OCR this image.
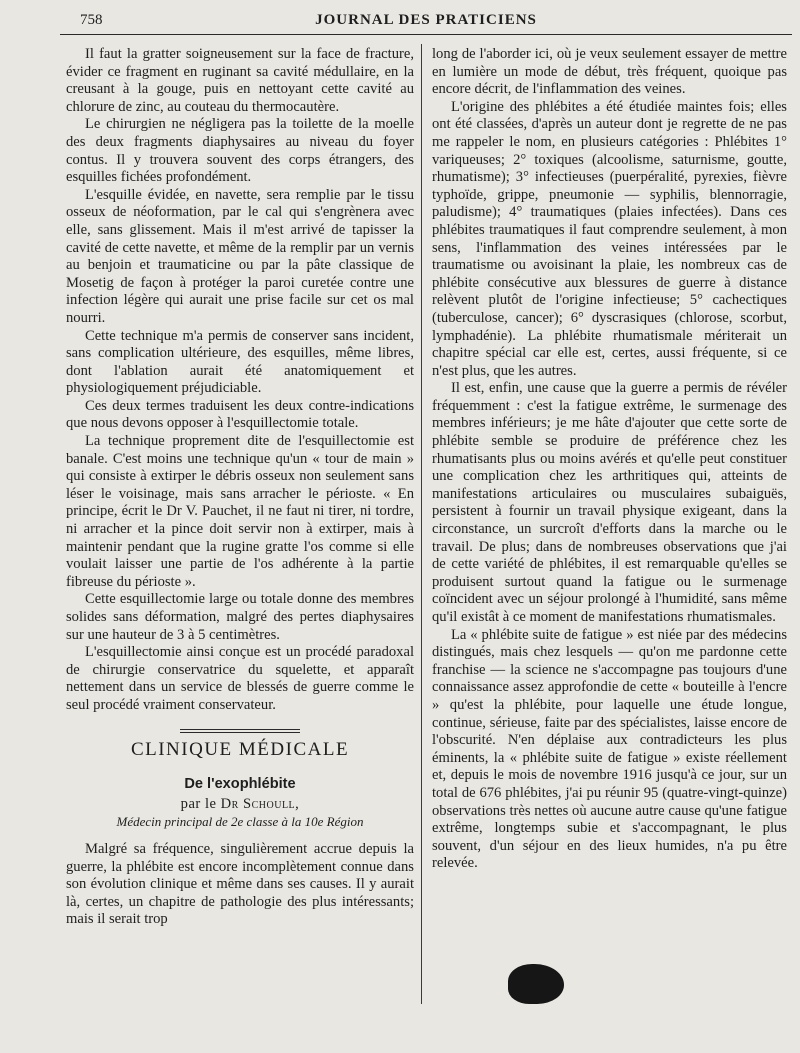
758	JOURNAL DES PRATICIENS

Il faut la gratter soigneusement sur la face de fracture, évider ce fragment en ruginant sa cavité médullaire, en la creusant à la gouge, puis en nettoyant cette cavité au chlorure de zinc, au couteau du thermocautère.

Le chirurgien ne négligera pas la toilette de la moelle des deux fragments diaphysaires au niveau du foyer contus. Il y trouvera souvent des corps étrangers, des esquilles fichées profondément.

L'esquille évidée, en navette, sera remplie par le tissu osseux de néoformation, par le cal qui s'engrènera avec elle, sans glissement. Mais il m'est arrivé de tapisser la cavité de cette navette, et même de la remplir par un vernis au benjoin et traumaticine ou par la pâte classique de Mosetig de façon à protéger la paroi curetée contre une infection légère qui aurait une prise facile sur cet os mal nourri.

Cette technique m'a permis de conserver sans incident, sans complication ultérieure, des esquilles, même libres, dont l'ablation aurait été anatomiquement et physiologiquement préjudiciable.

Ces deux termes traduisent les deux contre-indications que nous devons opposer à l'esquillectomie totale.

La technique proprement dite de l'esquillectomie est banale. C'est moins une technique qu'un « tour de main » qui consiste à extirper le débris osseux non seulement sans léser le voisinage, mais sans arracher le périoste. « En principe, écrit le Dr V. Pauchet, il ne faut ni tirer, ni tordre, ni arracher et la pince doit servir non à extirper, mais à maintenir pendant que la rugine gratte l'os comme si elle voulait laisser une partie de l'os adhérente à la partie fibreuse du périoste ».

Cette esquillectomie large ou totale donne des membres solides sans déformation, malgré des pertes diaphysaires sur une hauteur de 3 à 5 centimètres.

L'esquillectomie ainsi conçue est un procédé paradoxal de chirurgie conservatrice du squelette, et apparaît nettement dans un service de blessés de guerre comme le seul procédé vraiment conservateur.

CLINIQUE MÉDICALE
De l'exophlébite

par le Dr Schoull,

Médecin principal de 2e classe à la 10e Région

Malgré sa fréquence, singulièrement accrue depuis la guerre, la phlébite est encore incomplètement connue dans son évolution clinique et même dans ses causes. Il y aurait là, certes, un chapitre de pathologie des plus intéressants; mais il serait trop

long de l'aborder ici, où je veux seulement essayer de mettre en lumière un mode de début, très fréquent, quoique pas encore décrit, de l'inflammation des veines.

L'origine des phlébites a été étudiée maintes fois; elles ont été classées, d'après un auteur dont je regrette de ne pas me rappeler le nom, en plusieurs catégories : Phlébites 1° variqueuses; 2° toxiques (alcoolisme, saturnisme, goutte, rhumatisme); 3° infectieuses (puerpéralité, pyrexies, fièvre typhoïde, grippe, pneumonie — syphilis, blennorragie, paludisme); 4° traumatiques (plaies infectées). Dans ces phlébites traumatiques il faut comprendre seulement, à mon sens, l'inflammation des veines intéressées par le traumatisme ou avoisinant la plaie, les nombreux cas de phlébite consécutive aux blessures de guerre à distance relèvent plutôt de l'origine infectieuse; 5° cachectiques (tuberculose, cancer); 6° dyscrasiques (chlorose, scorbut, lymphadénie). La phlébite rhumatismale mériterait un chapitre spécial car elle est, certes, aussi fréquente, si ce n'est plus, que les autres.

Il est, enfin, une cause que la guerre a permis de révéler fréquemment : c'est la fatigue extrême, le surmenage des membres inférieurs; je me hâte d'ajouter que cette sorte de phlébite semble se produire de préférence chez les rhumatisants plus ou moins avérés et qu'elle peut constituer une complication chez les arthritiques qui, atteints de manifestations articulaires ou musculaires subaiguës, persistent à fournir un travail physique exigeant, dans la circonstance, un surcroît d'efforts dans la marche ou le travail. De plus; dans de nombreuses observations que j'ai de cette variété de phlébites, il est remarquable qu'elles se produisent surtout quand la fatigue ou le surmenage coïncident avec un séjour prolongé à l'humidité, sans même qu'il existât à ce moment de manifestations rhumatismales.

La « phlébite suite de fatigue » est niée par des médecins distingués, mais chez lesquels — qu'on me pardonne cette franchise — la science ne s'accompagne pas toujours d'une connaissance assez approfondie de cette « bouteille à l'encre » qu'est la phlébite, pour laquelle une étude longue, continue, sérieuse, faite par des spécialistes, laisse encore de l'obscurité. N'en déplaise aux contradicteurs les plus éminents, la « phlébite suite de fatigue » existe réellement et, depuis le mois de novembre 1916 jusqu'à ce jour, sur un total de 676 phlébites, j'ai pu réunir 95 (quatre-vingt-quinze) observations très nettes où aucune autre cause qu'une fatigue extrême, longtemps subie et s'accompagnant, le plus souvent, d'un séjour en des lieux humides, n'a pu être relevée.
